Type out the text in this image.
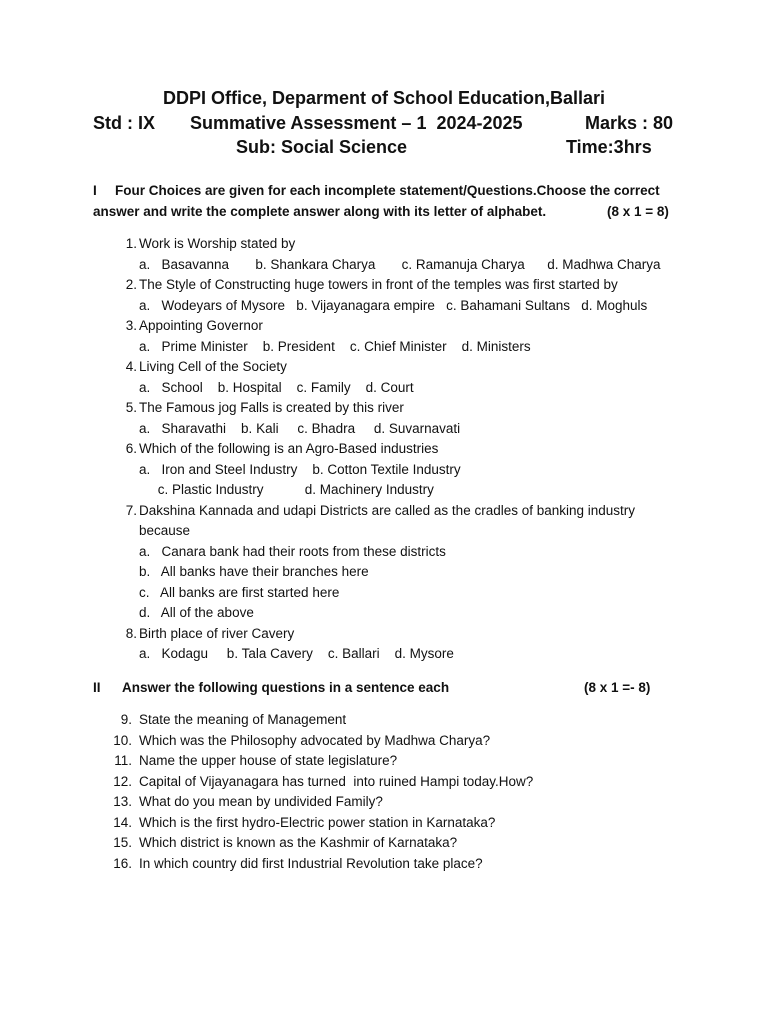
DDPI Office, Deparment of School Education,Ballari
Std : IX Summative Assessment – 1  2024-2025	Marks : 80
Sub: Social Science	Time:3hrs
I Four Choices are given for each incomplete statement/Questions.Choose the correct
answer and write the complete answer along with its letter of alphabet.	(8 x 1 = 8)
II Answer the following questions in a sentence each	(8 x 1 =- 8)
1. Work is Worship stated by
a.   Basavanna       b. Shankara Charya       c. Ramanuja Charya      d. Madhwa Charya
2. The Style of Constructing huge towers in front of the temples was first started by
a.   Wodeyars of Mysore   b. Vijayanagara empire   c. Bahamani Sultans   d. Moghuls
3. Appointing Governor
a.   Prime Minister    b. President    c. Chief Minister    d. Ministers
4. Living Cell of the Society
a.   School    b. Hospital    c. Family    d. Court
5. The Famous jog Falls is created by this river
a.   Sharavathi    b. Kali     c. Bhadra     d. Suvarnavati
6. Which of the following is an Agro-Based industries
a.   Iron and Steel Industry    b. Cotton Textile Industry
c. Plastic Industry           d. Machinery Industry
7. Dakshina Kannada and udapi Districts are called as the cradles of banking industry
because
a.   Canara bank had their roots from these districts
b.   All banks have their branches here
c.   All banks are first started here
d.   All of the above
8. Birth place of river Cavery
a.   Kodagu     b. Tala Cavery    c. Ballari    d. Mysore
9. State the meaning of Management
10. Which was the Philosophy advocated by Madhwa Charya?
11. Name the upper house of state legislature?
12. Capital of Vijayanagara has turned  into ruined Hampi today.How?
13. What do you mean by undivided Family?
14. Which is the first hydro-Electric power station in Karnataka?
15. Which district is known as the Kashmir of Karnataka?
16. In which country did first Industrial Revolution take place?
